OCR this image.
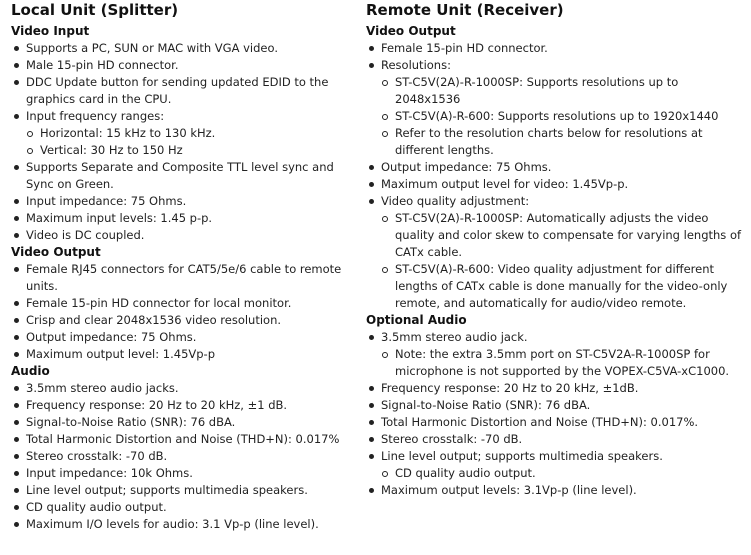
Local Unit (Splitter)
Video Input
Supports a PC, SUN or MAC with VGA video.
Male 15-pin HD connector.
DDC Update button for sending updated EDID to the graphics card in the CPU.
Input frequency ranges:
Horizontal: 15 kHz to 130 kHz.
Vertical: 30 Hz to 150 Hz
Supports Separate and Composite TTL level sync and Sync on Green.
Input impedance: 75 Ohms.
Maximum input levels: 1.45 p-p.
Video is DC coupled.
Video Output
Female RJ45 connectors for CAT5/5e/6 cable to remote units.
Female 15-pin HD connector for local monitor.
Crisp and clear 2048x1536 video resolution.
Output impedance: 75 Ohms.
Maximum output level: 1.45Vp-p
Audio
3.5mm stereo audio jacks.
Frequency response: 20 Hz to 20 kHz, ±1 dB.
Signal-to-Noise Ratio (SNR): 76 dBA.
Total Harmonic Distortion and Noise (THD+N): 0.017%
Stereo crosstalk: -70 dB.
Input impedance: 10k Ohms.
Line level output; supports multimedia speakers.
CD quality audio output.
Maximum I/O levels for audio: 3.1 Vp-p (line level).
Remote Unit (Receiver)
Video Output
Female 15-pin HD connector.
Resolutions:
ST-C5V(2A)-R-1000SP: Supports resolutions up to 2048x1536
ST-C5V(A)-R-600: Supports resolutions up to 1920x1440
Refer to the resolution charts below for resolutions at different lengths.
Output impedance: 75 Ohms.
Maximum output level for video: 1.45Vp-p.
Video quality adjustment:
ST-C5V(2A)-R-1000SP: Automatically adjusts the video quality and color skew to compensate for varying lengths of CATx cable.
ST-C5V(A)-R-600: Video quality adjustment for different lengths of CATx cable is done manually for the video-only remote, and automatically for audio/video remote.
Optional Audio
3.5mm stereo audio jack.
Note: the extra 3.5mm port on ST-C5V2A-R-1000SP for microphone is not supported by the VOPEX-C5VA-xC1000.
Frequency response: 20 Hz to 20 kHz, ±1dB.
Signal-to-Noise Ratio (SNR): 76 dBA.
Total Harmonic Distortion and Noise (THD+N): 0.017%.
Stereo crosstalk: -70 dB.
Line level output; supports multimedia speakers.
CD quality audio output.
Maximum output levels: 3.1Vp-p (line level).
